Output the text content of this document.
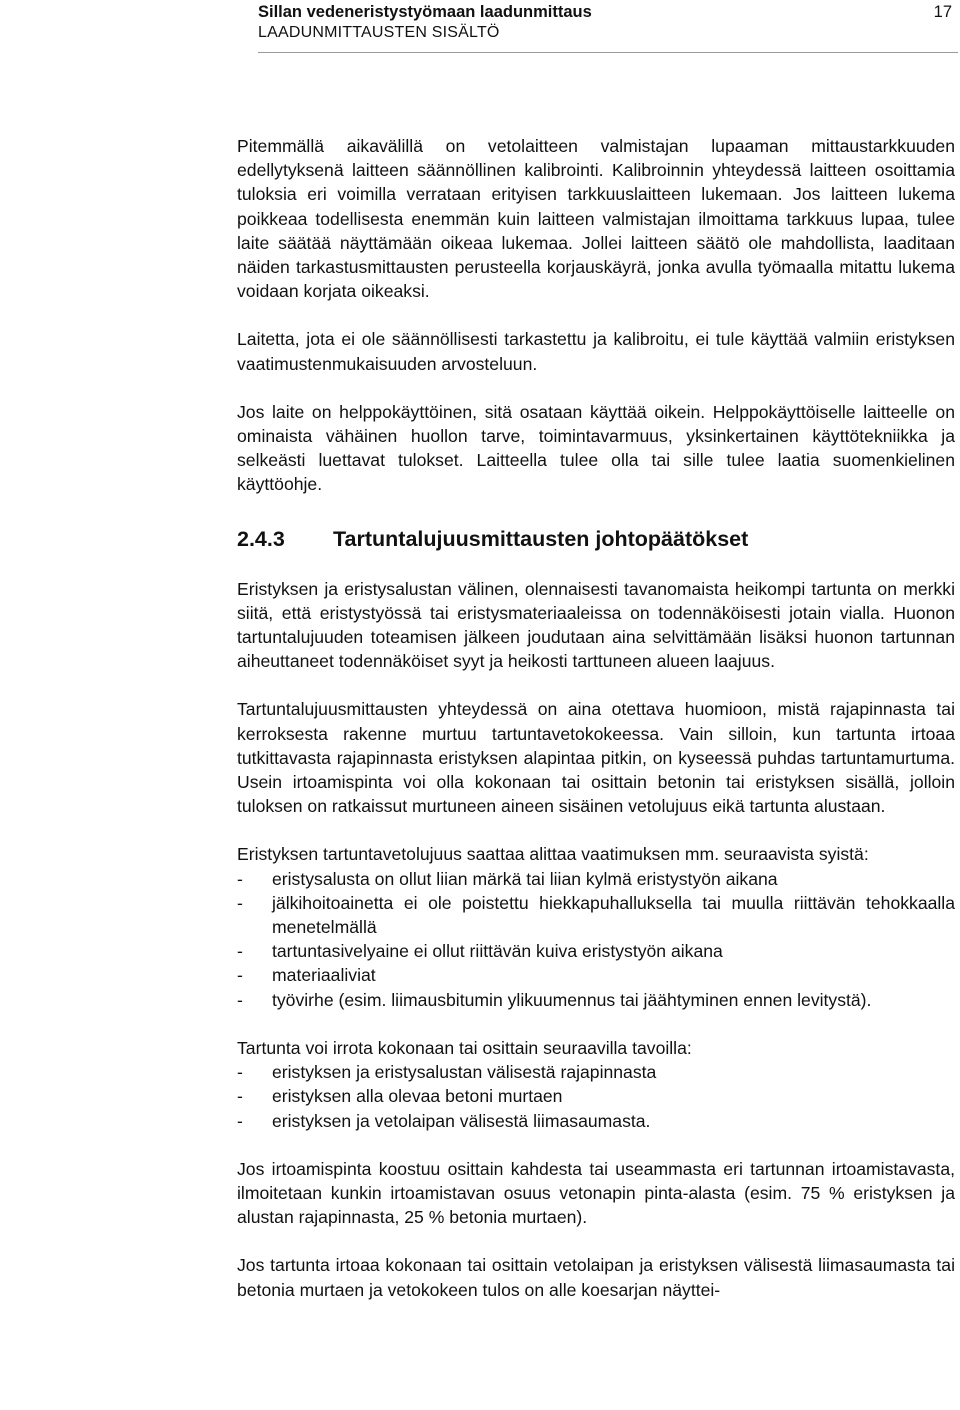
Sillan vedeneristystyömaan laadunmittaus
LAADUNMITTAUSTEN SISÄLTÖ
17

Pitemmällä aikavälillä on vetolaitteen valmistajan lupaaman mittaustarkkuuden edellytyksenä laitteen säännöllinen kalibrointi. Kalibroinnin yhteydessä laitteen osoittamia tuloksia eri voimilla verrataan erityisen tarkkuuslaitteen lukemaan. Jos laitteen lukema poikkeaa todellisesta enemmän kuin laitteen valmistajan ilmoittama tarkkuus lupaa, tulee laite säätää näyttämään oikeaa lukemaa. Jollei laitteen säätö ole mahdollista, laaditaan näiden tarkastusmittausten perusteella korjauskäyrä, jonka avulla työmaalla mitattu lukema voidaan korjata oikeaksi.

Laitetta, jota ei ole säännöllisesti tarkastettu ja kalibroitu, ei tule käyttää valmiin eristyksen vaatimustenmukaisuuden arvosteluun.

Jos laite on helppokäyttöinen, sitä osataan käyttää oikein. Helppokäyttöiselle laitteelle on ominaista vähäinen huollon tarve, toimintavarmuus, yksinkertainen käyttötekniikka ja selkeästi luettavat tulokset. Laitteella tulee olla tai sille tulee laatia suomenkielinen käyttöohje.

2.4.3	Tartuntalujuusmittausten johtopäätökset

Eristyksen ja eristysalustan välinen, olennaisesti tavanomaista heikompi tartunta on merkki siitä, että eristystyössä tai eristysmateriaaleissa on todennäköisesti jotain vialla. Huonon tartuntalujuuden toteamisen jälkeen joudutaan aina selvittämään lisäksi huonon tartunnan aiheuttaneet todennäköiset syyt ja heikosti tarttuneen alueen laajuus.

Tartuntalujuusmittausten yhteydessä on aina otettava huomioon, mistä rajapinnasta tai kerroksesta rakenne murtuu tartuntavetokokeessa. Vain silloin, kun tartunta irtoaa tutkittavasta rajapinnasta eristyksen alapintaa pitkin, on kyseessä puhdas tartuntamurtuma. Usein irtoamispinta voi olla kokonaan tai osittain betonin tai eristyksen sisällä, jolloin tuloksen on ratkaissut murtuneen aineen sisäinen vetolujuus eikä tartunta alustaan.

Eristyksen tartuntavetolujuus saattaa alittaa vaatimuksen mm. seuraavista syistä:

-	eristysalusta on ollut liian märkä tai liian kylmä eristystyön aikana
-	jälkihoitoainetta ei ole poistettu hiekkapuhalluksella tai muulla riittävän tehokkaalla menetelmällä
-	tartuntasivelyaine ei ollut riittävän kuiva eristystyön aikana
-	materiaaliviat
-	työvirhe (esim. liimausbitumin ylikuumennus tai jäähtyminen ennen levitystä).

Tartunta voi irrota kokonaan tai osittain seuraavilla tavoilla:

-	eristyksen ja eristysalustan välisestä rajapinnasta
-	eristyksen alla olevaa betoni murtaen
-	eristyksen ja vetolaipan välisestä liimasaumasta.

Jos irtoamispinta koostuu osittain kahdesta tai useammasta eri tartunnan irtoamistavasta, ilmoitetaan kunkin irtoamistavan osuus vetonapin pinta-alasta (esim. 75 % eristyksen ja alustan rajapinnasta, 25 % betonia murtaen).

Jos tartunta irtoaa kokonaan tai osittain vetolaipan ja eristyksen välisestä liimasaumasta tai betonia murtaen ja vetokokeen tulos on alle koesarjan näyttei-
